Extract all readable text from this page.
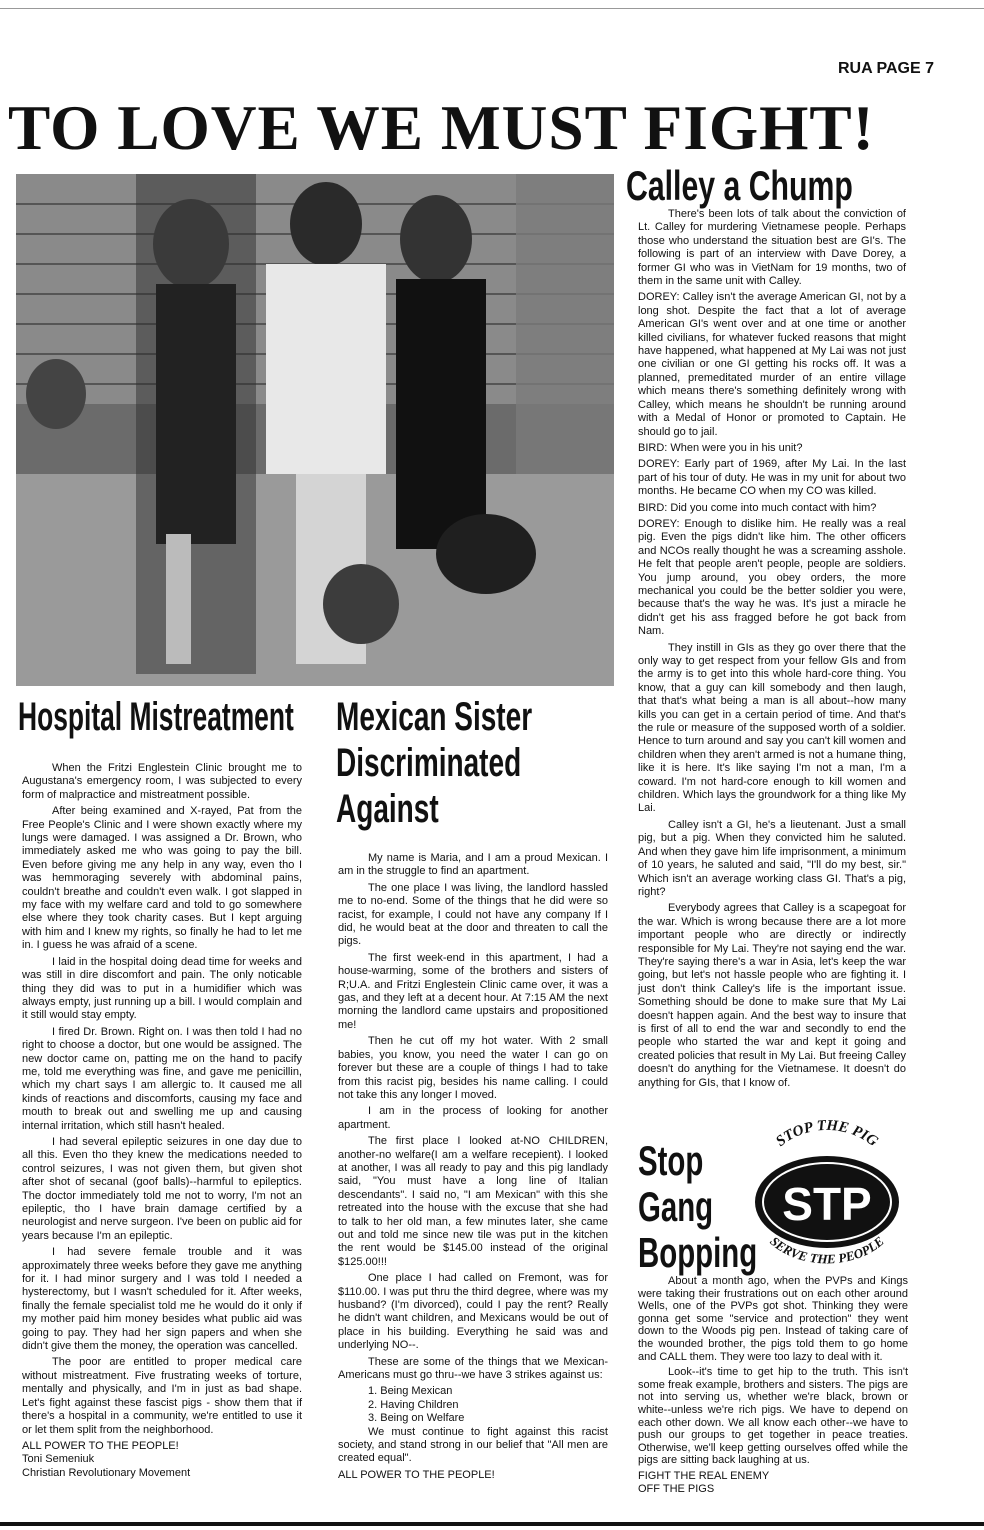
RUA PAGE 7
TO LOVE WE MUST FIGHT!
Calley a Chump

There's been lots of talk about the conviction of Lt. Calley for murdering Vietnamese people. Perhaps those who understand the situation best are GI's. The following is part of an interview with Dave Dorey, a former GI who was in VietNam for 19 months, two of them in the same unit with Calley.

DOREY: Calley isn't the average American GI, not by a long shot. Despite the fact that a lot of average American GI's went over and at one time or another killed civilians, for whatever fucked reasons that might have happened, what happened at My Lai was not just one civilian or one GI getting his rocks off. It was a planned, premeditated murder of an entire village which means there's something definitely wrong with Calley, which means he shouldn't be running around with a Medal of Honor or promoted to Captain. He should go to jail.

BIRD: When were you in his unit?

DOREY: Early part of 1969, after My Lai. In the last part of his tour of duty. He was in my unit for about two months. He became CO when my CO was killed.

BIRD: Did you come into much contact with him?

DOREY: Enough to dislike him. He really was a real pig. Even the pigs didn't like him. The other officers and NCOs really thought he was a screaming asshole. He felt that people aren't people, people are soldiers. You jump around, you obey orders, the more mechanical you could be the better soldier you were, because that's the way he was. It's just a miracle he didn't get his ass fragged before he got back from Nam.

They instill in GIs as they go over there that the only way to get respect from your fellow GIs and from the army is to get into this whole hard-core thing. You know, that a guy can kill somebody and then laugh, that that's what being a man is all about--how many kills you can get in a certain period of time. And that's the rule or measure of the supposed worth of a soldier. Hence to turn around and say you can't kill women and children when they aren't armed is not a humane thing, like it is here. It's like saying I'm not a man, I'm a coward. I'm not hard-core enough to kill women and children. Which lays the groundwork for a thing like My Lai.

Calley isn't a GI, he's a lieutenant. Just a small pig, but a pig. When they convicted him he saluted. And when they gave him life imprisonment, a minimum of 10 years, he saluted and said, "I'll do my best, sir." Which isn't an average working class GI. That's a pig, right?

Everybody agrees that Calley is a scapegoat for the war. Which is wrong because there are a lot more important people who are directly or indirectly responsible for My Lai. They're not saying end the war. They're saying there's a war in Asia, let's keep the war going, but let's not hassle people who are fighting it. I just don't think Calley's life is the important issue. Something should be done to make sure that My Lai doesn't happen again. And the best way to insure that is first of all to end the war and secondly to end the people who started the war and kept it going and created policies that result in My Lai. But freeing Calley doesn't do anything for the Vietnamese. It doesn't do anything for GIs, that I know of.

Hospital Mistreatment

When the Fritzi Englestein Clinic brought me to Augustana's emergency room, I was subjected to every form of malpractice and mistreatment possible.

After being examined and X-rayed, Pat from the Free People's Clinic and I were shown exactly where my lungs were damaged. I was assigned a Dr. Brown, who immediately asked me who was going to pay the bill. Even before giving me any help in any way, even tho I was hemmoraging severely with abdominal pains, couldn't breathe and couldn't even walk. I got slapped in my face with my welfare card and told to go somewhere else where they took charity cases. But I kept arguing with him and I knew my rights, so finally he had to let me in. I guess he was afraid of a scene.

I laid in the hospital doing dead time for weeks and was still in dire discomfort and pain. The only noticable thing they did was to put in a humidifier which was always empty, just running up a bill. I would complain and it still would stay empty.

I fired Dr. Brown. Right on. I was then told I had no right to choose a doctor, but one would be assigned. The new doctor came on, patting me on the hand to pacify me, told me everything was fine, and gave me penicillin, which my chart says I am allergic to. It caused me all kinds of reactions and discomforts, causing my face and mouth to break out and swelling me up and causing internal irritation, which still hasn't healed.

I had several epileptic seizures in one day due to all this. Even tho they knew the medications needed to control seizures, I was not given them, but given shot after shot of secanal (goof balls)--harmful to epileptics. The doctor immediately told me not to worry, I'm not an epileptic, tho I have brain damage certified by a neurologist and nerve surgeon. I've been on public aid for years because I'm an epileptic.

I had severe female trouble and it was approximately three weeks before they gave me anything for it. I had minor surgery and I was told I needed a hysterectomy, but I wasn't scheduled for it. After weeks, finally the female specialist told me he would do it only if my mother paid him money besides what public aid was going to pay. They had her sign papers and when she didn't give them the money, the operation was cancelled.

The poor are entitled to proper medical care without mistreatment. Five frustrating weeks of torture, mentally and physically, and I'm in just as bad shape. Let's fight against these fascist pigs - show them that if there's a hospital in a community, we're entitled to use it or let them split from the neighborhood.

ALL POWER TO THE PEOPLE!

Toni Semeniuk

Christian Revolutionary Movement

Mexican Sister
Discriminated
Against

My name is Maria, and I am a proud Mexican. I am in the struggle to find an apartment.

The one place I was living, the landlord hassled me to no-end. Some of the things that he did were so racist, for example, I could not have any company If I did, he would beat at the door and threaten to call the pigs.

The first week-end in this apartment, I had a house-warming, some of the brothers and sisters of R;U.A. and Fritzi Englestein Clinic came over, it was a gas, and they left at a decent hour. At 7:15 AM the next morning the landlord came upstairs and propositioned me!

Then he cut off my hot water. With 2 small babies, you know, you need the water I can go on forever but these are a couple of things I had to take from this racist pig, besides his name calling. I could not take this any longer I moved.

I am in the process of looking for another apartment.

The first place I looked at-NO CHILDREN, another-no welfare(I am a welfare recepient). I looked at another, I was all ready to pay and this pig landlady said, "You must have a long line of Italian descendants". I said no, "I am Mexican" with this she retreated into the house with the excuse that she had to talk to her old man, a few minutes later, she came out and told me since new tile was put in the kitchen the rent would be $145.00 instead of the original $125.00!!!

One place I had called on Fremont, was for $110.00. I was put thru the third degree, where was my husband? (I'm divorced), could I pay the rent? Really he didn't want children, and Mexicans would be out of place in his building. Everything he said was and underlying NO--.

These are some of the things that we Mexican-Americans must go thru--we have 3 strikes against us:

1. Being Mexican

2. Having Children

3. Being on Welfare

We must continue to fight against this racist society, and stand strong in our belief that "All men are created equal".

ALL POWER TO THE PEOPLE!

Stop
Gang
Bopping
STOP THE PIG
STP
SERVE THE PEOPLE

About a month ago, when the PVPs and Kings were taking their frustrations out on each other around Wells, one of the PVPs got shot. Thinking they were gonna get some "service and protection" they went down to the Woods pig pen. Instead of taking care of the wounded brother, the pigs told them to go home and CALL them. They were too lazy to deal with it.

Look--it's time to get hip to the truth. This isn't some freak example, brothers and sisters. The pigs are not into serving us, whether we're black, brown or white--unless we're rich pigs. We have to depend on each other down. We all know each other--we have to push our groups to get together in peace treaties. Otherwise, we'll keep getting ourselves offed while the pigs are sitting back laughing at us.

FIGHT THE REAL ENEMY

OFF THE PIGS
